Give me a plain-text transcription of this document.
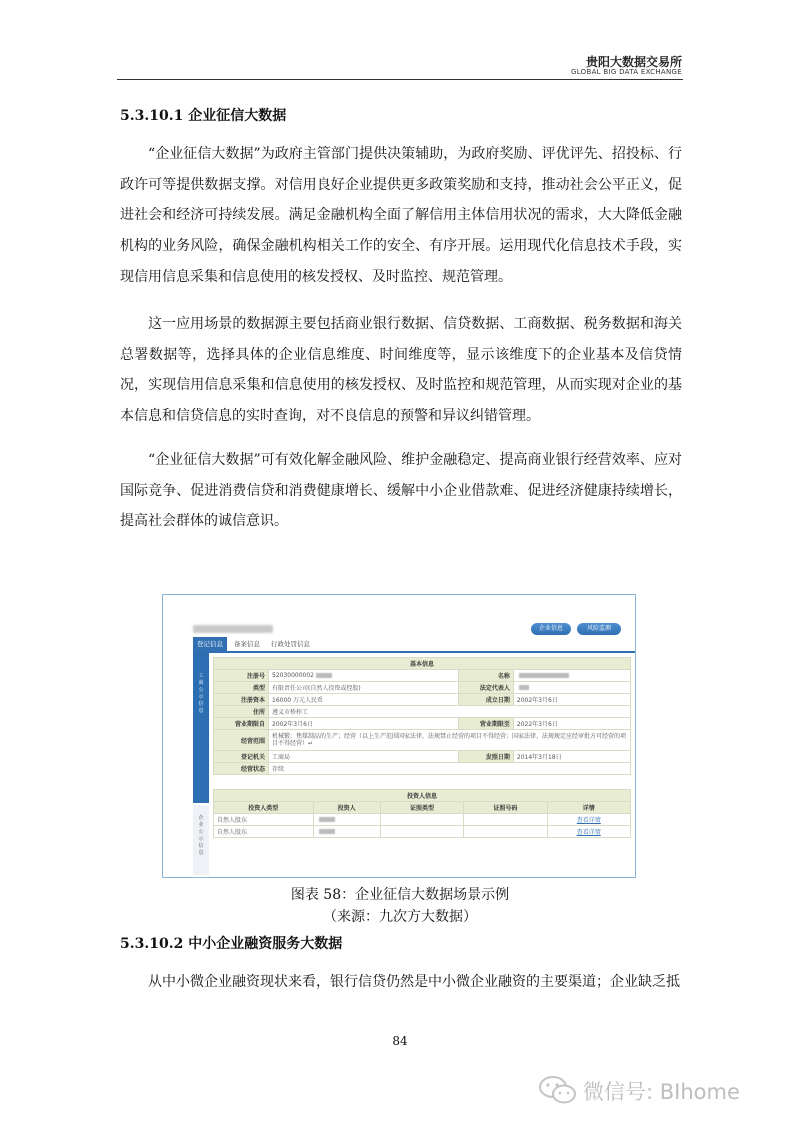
贵阳大数据交易所
GLOBAL BIG DATA EXCHANGE
5.3.10.1 企业征信大数据

“企业征信大数据”为政府主管部门提供决策辅助，为政府奖励、评优评先、招投标、行政许可等提供数据支撑。对信用良好企业提供更多政策奖励和支持，推动社会公平正义，促进社会和经济可持续发展。满足金融机构全面了解信用主体信用状况的需求，大大降低金融机构的业务风险，确保金融机构相关工作的安全、有序开展。运用现代化信息技术手段，实现信用信息采集和信息使用的核发授权、及时监控、规范管理。

这一应用场景的数据源主要包括商业银行数据、信贷数据、工商数据、税务数据和海关总署数据等，选择具体的企业信息维度、时间维度等，显示该维度下的企业基本及信贷情况，实现信用信息采集和信息使用的核发授权、及时监控和规范管理，从而实现对企业的基本信息和信贷信息的实时查询，对不良信息的预警和异议纠错管理。

“企业征信大数据”可有效化解金融风险、维护金融稳定、提高商业银行经营效率、应对国际竞争、促进消费信贷和消费健康增长、缓解中小企业借款难、促进经济健康持续增长，提高社会群体的诚信意识。

企业信息	风险监测
登记信息	备案信息	行政处罚信息
工商公示信息
企业公示信息
基本信息			
注册号	52030000002	名称	
类型	有限责任公司(自然人投资或控股)	法定代表人	
注册资本	16000 万元人民币	成立日期	2002年3月6日
住所	遵义市桥梓工		
营业期限自	2002年3月6日	营业期限至	2022年3月6日
经营范围	机械锻：焦煤制品的生产；经营（以上生产范围国家法律、法规禁止经营的项目不得经营；国家法律、法规规定应经审批方可经营的项目不得经营）↵		
登记机关	工商局	发照日期	2014年3月18日
经营状态	存续		
投资人信息				
投资人类型	投资人	证照类型	证照号码	详情
自然人股东				查看详情
自然人股东				查看详情
图表 58：企业征信大数据场景示例
（来源：九次方大数据）
5.3.10.2 中小企业融资服务大数据

从中小微企业融资现状来看，银行信贷仍然是中小微企业融资的主要渠道；企业缺乏抵

84
微信号: BIhome
